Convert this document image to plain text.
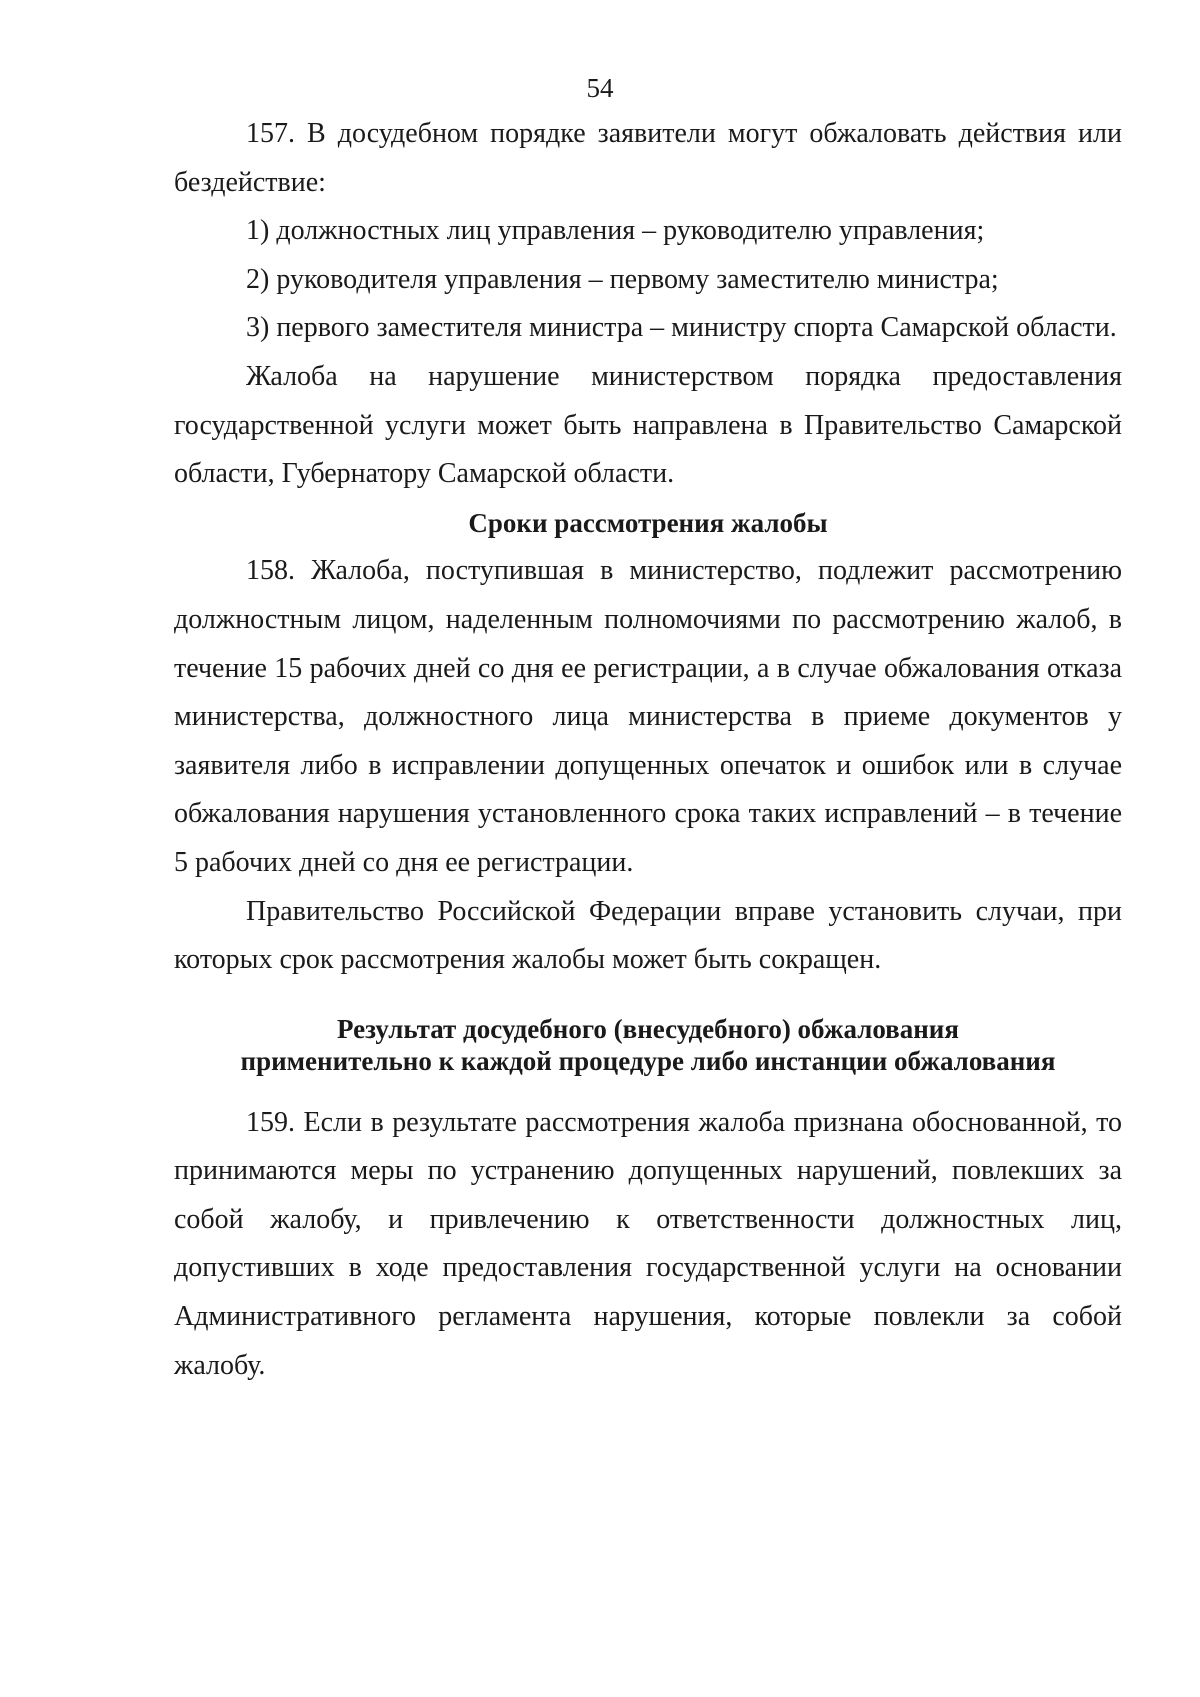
54

157. В досудебном порядке заявители могут обжаловать действия или бездействие:

1) должностных лиц управления – руководителю управления;

2) руководителя управления – первому заместителю министра;

3) первого заместителя министра – министру спорта Самарской области.

Жалоба на нарушение министерством порядка предоставления государственной услуги может быть направлена в Правительство Самарской области, Губернатору Самарской области.

Сроки рассмотрения жалобы

158. Жалоба, поступившая в министерство, подлежит рассмотрению должностным лицом, наделенным полномочиями по рассмотрению жалоб, в течение 15 рабочих дней со дня ее регистрации, а в случае обжалования отказа министерства, должностного лица министерства в приеме документов у заявителя либо в исправлении допущенных опечаток и ошибок или в случае обжалования нарушения установленного срока таких исправлений – в течение 5 рабочих дней со дня ее регистрации.

Правительство Российской Федерации вправе установить случаи, при которых срок рассмотрения жалобы может быть сокращен.

Результат досудебного (внесудебного) обжалования
применительно к каждой процедуре либо инстанции обжалования

159. Если в результате рассмотрения жалоба признана обоснованной, то принимаются меры по устранению допущенных нарушений, повлекших за собой жалобу, и привлечению к ответственности должностных лиц, допустивших в ходе предоставления государственной услуги на основании Административного регламента нарушения, которые повлекли за собой жалобу.
